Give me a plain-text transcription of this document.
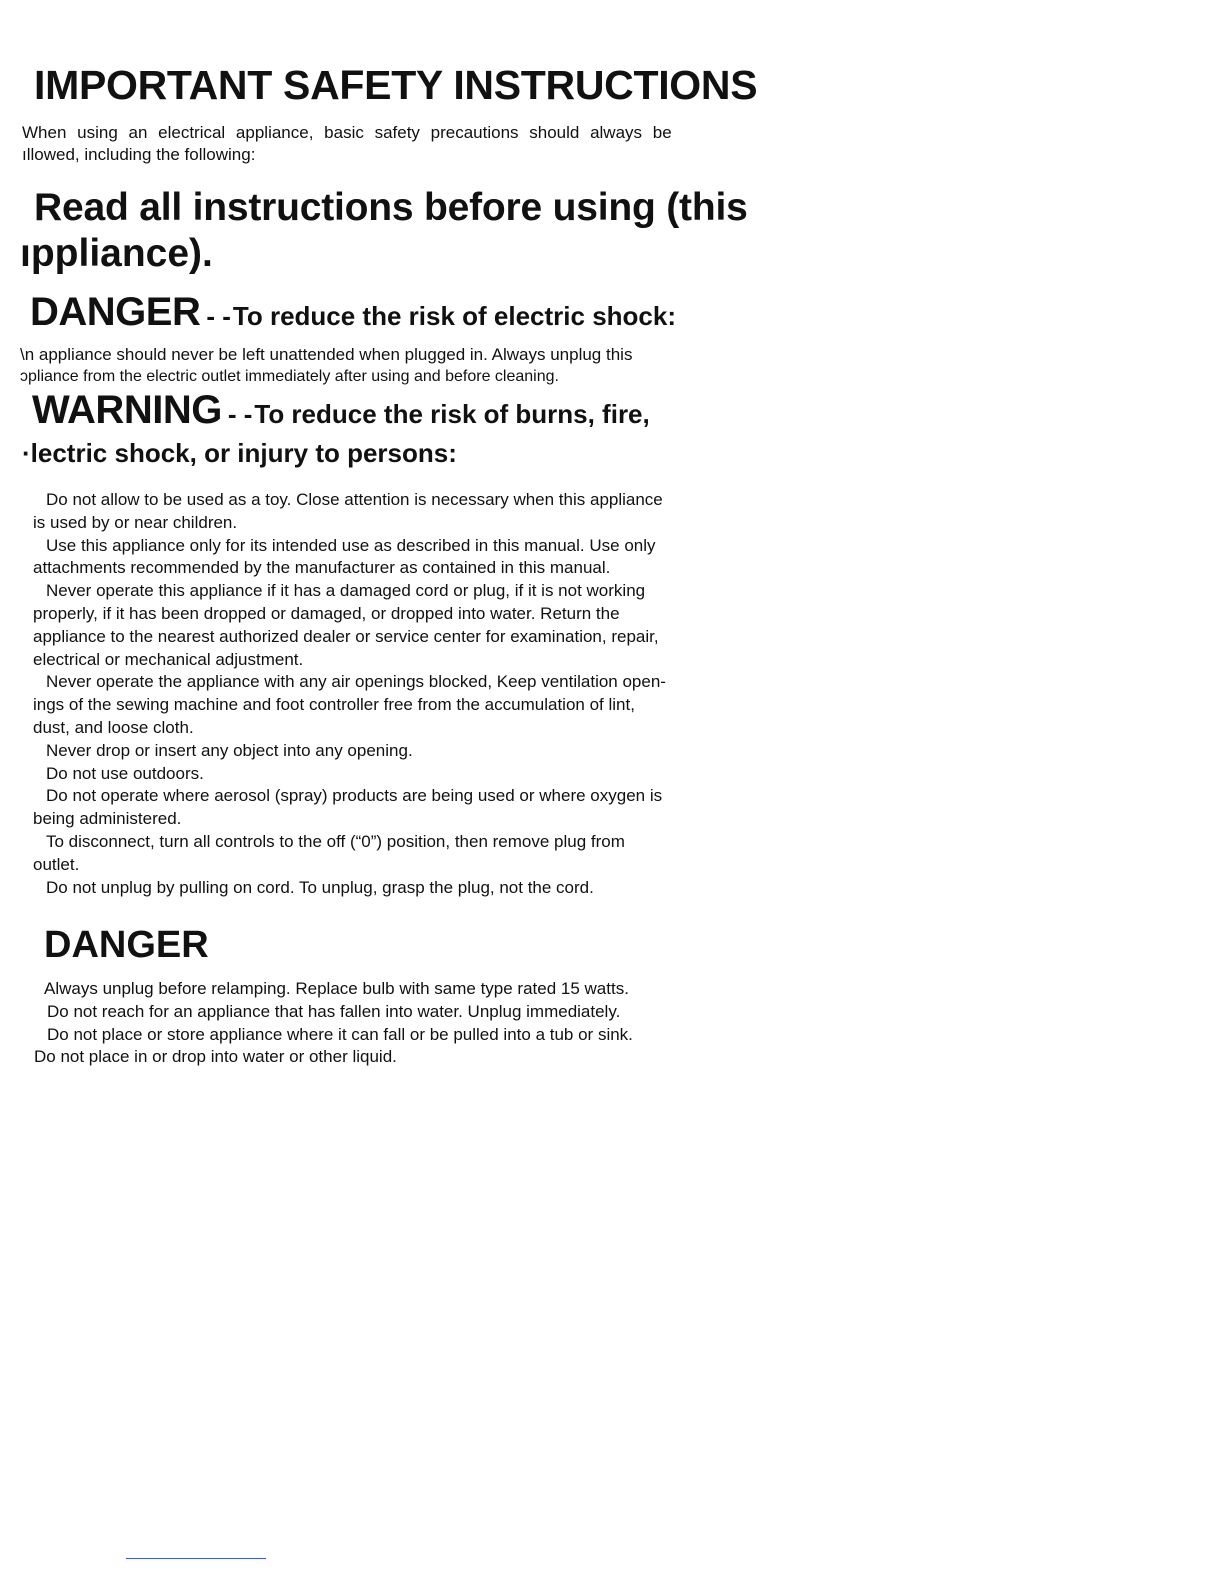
IMPORTANT SAFETY INSTRUCTIONS
When using an electrical appliance, basic safety precautions should always be
ıllowed, including the following:
Read all instructions before using (this
ıppliance).
DANGER - - To reduce the risk of electric shock:
\n appliance should never be left unattended when plugged in. Always unplug this
ɔpliance from the electric outlet immediately after using and before cleaning.
WARNING - - To reduce the risk of burns, fire,
·lectric shock, or injury to persons:
Do not allow to be used as a toy. Close attention is necessary when this appliance
is used by or near children.
Use this appliance only for its intended use as described in this manual. Use only
attachments recommended by the manufacturer as contained in this manual.
Never operate this appliance if it has a damaged cord or plug, if it is not working
properly, if it has been dropped or damaged, or dropped into water. Return the
appliance to the nearest authorized dealer or service center for examination, repair,
electrical or mechanical adjustment.
Never operate the appliance with any air openings blocked, Keep ventilation open-
ings of the sewing machine and foot controller free from the accumulation of lint,
dust, and loose cloth.
Never drop or insert any object into any opening.
Do not use outdoors.
Do not operate where aerosol (spray) products are being used or where oxygen is
being administered.
To disconnect, turn all controls to the off (“0”) position, then remove plug from
outlet.
Do not unplug by pulling on cord. To unplug, grasp the plug, not the cord.
DANGER
Always unplug before relamping. Replace bulb with same type rated 15 watts.
Do not reach for an appliance that has fallen into water. Unplug immediately.
Do not place or store appliance where it can fall or be pulled into a tub or sink.
Do not place in or drop into water or other liquid.
